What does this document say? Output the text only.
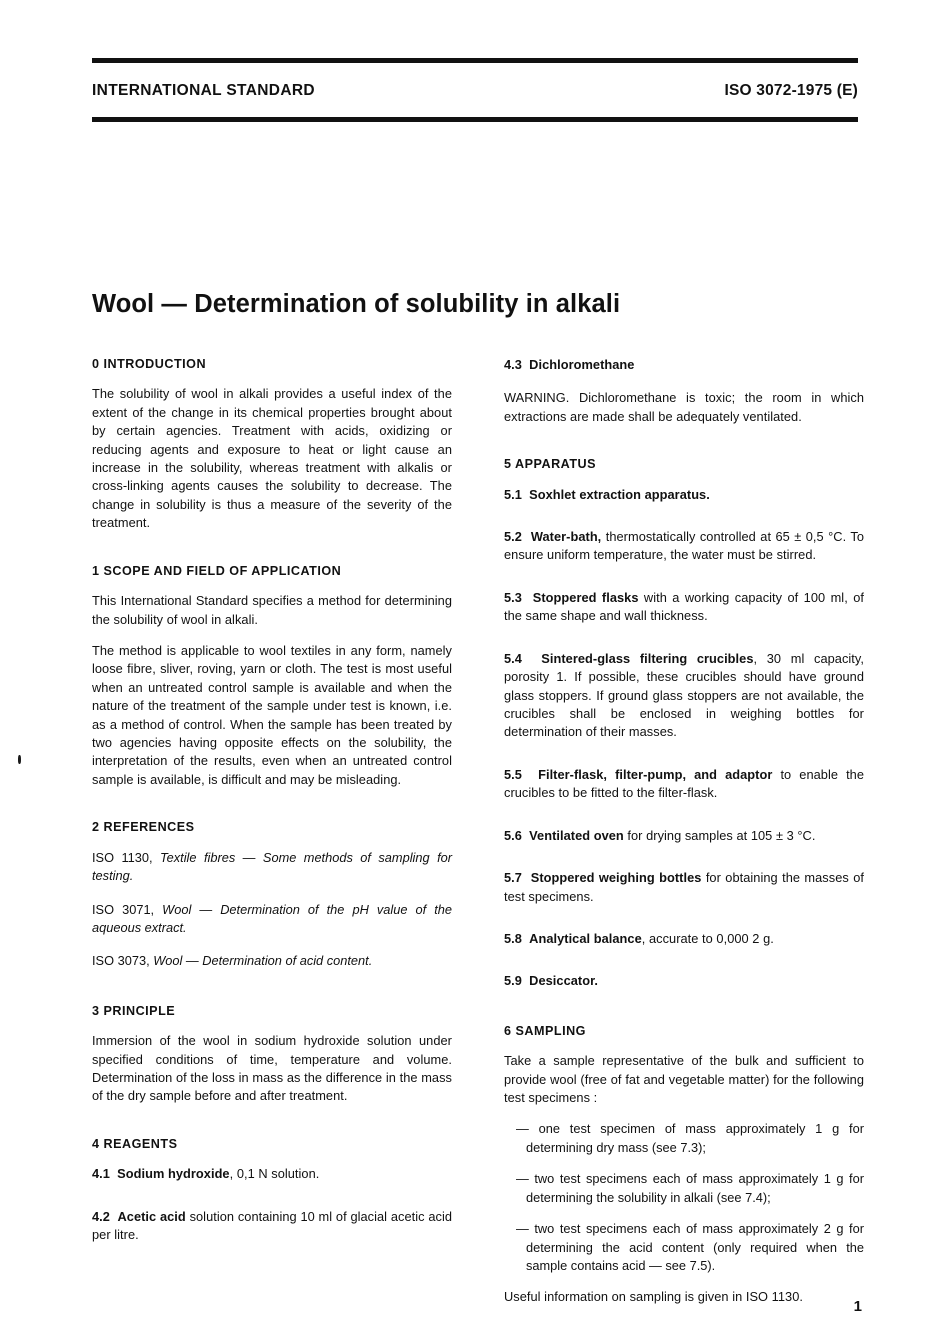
INTERNATIONAL STANDARD	ISO 3072-1975 (E)
Wool — Determination of solubility in alkali
0 INTRODUCTION

The solubility of wool in alkali provides a useful index of the extent of the change in its chemical properties brought about by certain agencies. Treatment with acids, oxidizing or reducing agents and exposure to heat or light cause an increase in the solubility, whereas treatment with alkalis or cross-linking agents causes the solubility to decrease. The change in solubility is thus a measure of the severity of the treatment.

1 SCOPE AND FIELD OF APPLICATION

This International Standard specifies a method for determining the solubility of wool in alkali.

The method is applicable to wool textiles in any form, namely loose fibre, sliver, roving, yarn or cloth. The test is most useful when an untreated control sample is available and when the nature of the treatment of the sample under test is known, i.e. as a method of control. When the sample has been treated by two agencies having opposite effects on the solubility, the interpretation of the results, even when an untreated control sample is available, is difficult and may be misleading.

2 REFERENCES

ISO 1130, Textile fibres — Some methods of sampling for testing.

ISO 3071, Wool — Determination of the pH value of the aqueous extract.

ISO 3073, Wool — Determination of acid content.

3 PRINCIPLE

Immersion of the wool in sodium hydroxide solution under specified conditions of time, temperature and volume. Determination of the loss in mass as the difference in the mass of the dry sample before and after treatment.

4 REAGENTS

4.1 Sodium hydroxide, 0,1 N solution.

4.2 Acetic acid solution containing 10 ml of glacial acetic acid per litre.

4.3 Dichloromethane

WARNING. Dichloromethane is toxic; the room in which extractions are made shall be adequately ventilated.

5 APPARATUS

5.1 Soxhlet extraction apparatus.

5.2 Water-bath, thermostatically controlled at 65 ± 0,5 °C. To ensure uniform temperature, the water must be stirred.

5.3 Stoppered flasks with a working capacity of 100 ml, of the same shape and wall thickness.

5.4 Sintered-glass filtering crucibles, 30 ml capacity, porosity 1. If possible, these crucibles should have ground glass stoppers. If ground glass stoppers are not available, the crucibles shall be enclosed in weighing bottles for determination of their masses.

5.5 Filter-flask, filter-pump, and adaptor to enable the crucibles to be fitted to the filter-flask.

5.6 Ventilated oven for drying samples at 105 ± 3 °C.

5.7 Stoppered weighing bottles for obtaining the masses of test specimens.

5.8 Analytical balance, accurate to 0,000 2 g.

5.9 Desiccator.

6 SAMPLING

Take a sample representative of the bulk and sufficient to provide wool (free of fat and vegetable matter) for the following test specimens :

— one test specimen of mass approximately 1 g for determining dry mass (see 7.3);

— two test specimens each of mass approximately 1 g for determining the solubility in alkali (see 7.4);

— two test specimens each of mass approximately 2 g for determining the acid content (only required when the sample contains acid — see 7.5).

Useful information on sampling is given in ISO 1130.

1
